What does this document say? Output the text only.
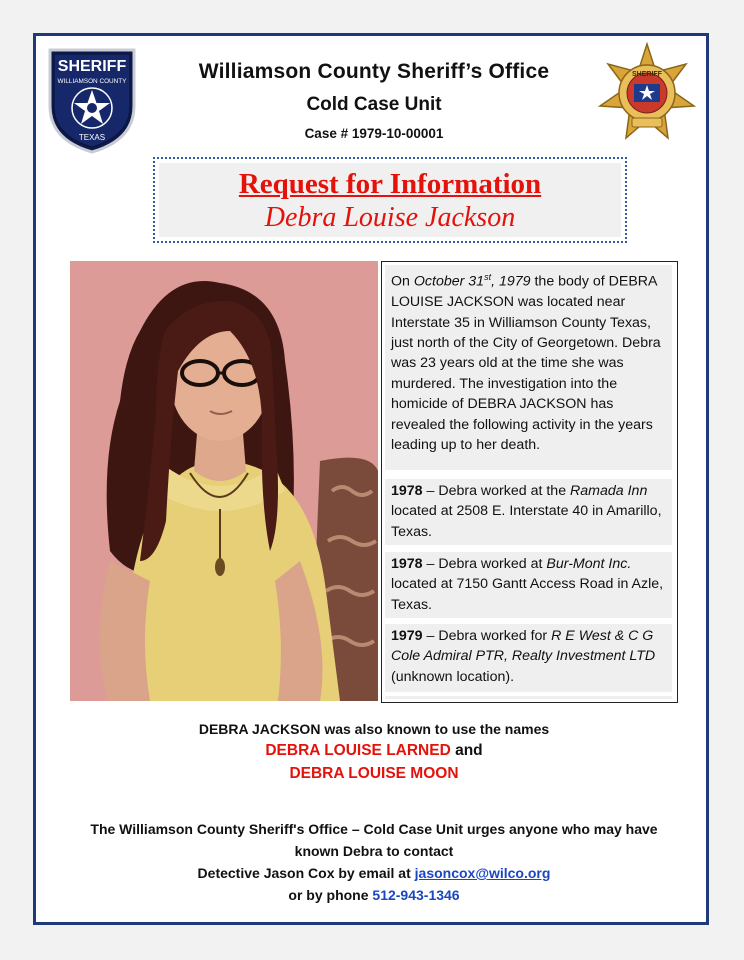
SHERIFF
WILLIAMSON COUNTY
TEXAS
SHERIFF
Williamson County Sheriff’s Office
Cold Case Unit
Case # 1979-10-00001
Request for Information
Debra Louise Jackson

On October 31st, 1979 the body of DEBRA LOUISE JACKSON was located near Interstate 35 in Williamson County Texas, just north of the City of Georgetown. Debra was 23 years old at the time she was murdered. The investigation into the homicide of DEBRA JACKSON has revealed the following activity in the years leading up to her death.

1978 – Debra worked at the Ramada Inn located at 2508 E. Interstate 40 in Amarillo, Texas.

1978 – Debra worked at Bur-Mont Inc. located at 7150 Gantt Access Road in Azle, Texas.

1979 – Debra worked for R E West & C G Cole Admiral PTR, Realty Investment LTD (unknown location).

DEBRA JACKSON was also known to use the names
DEBRA LOUISE LARNED and
DEBRA LOUISE MOON
The Williamson County Sheriff's Office – Cold Case Unit urges anyone who may have
known Debra to contact
Detective Jason Cox by email at jasoncox@wilco.org
or by phone 512-943-1346
